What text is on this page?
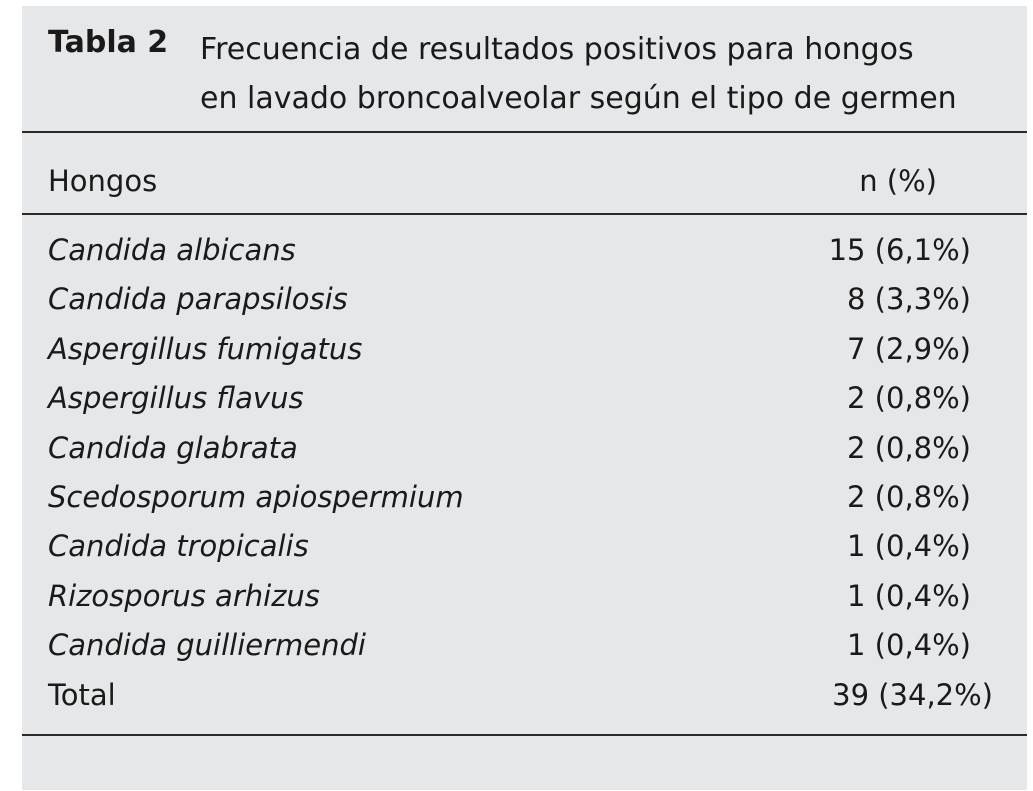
Tabla 2 Frecuencia de resultados positivos para hongos
en lavado broncoalveolar según el tipo de germen
Hongos	n (%)
Candida albicans	15 (6,1%)
Candida parapsilosis	8 (3,3%)
Aspergillus fumigatus	7 (2,9%)
Aspergillus flavus	2 (0,8%)
Candida glabrata	2 (0,8%)
Scedosporum apiospermium	2 (0,8%)
Candida tropicalis	1 (0,4%)
Rizosporus arhizus	1 (0,4%)
Candida guilliermendi	1 (0,4%)
Total	39 (34,2%)
